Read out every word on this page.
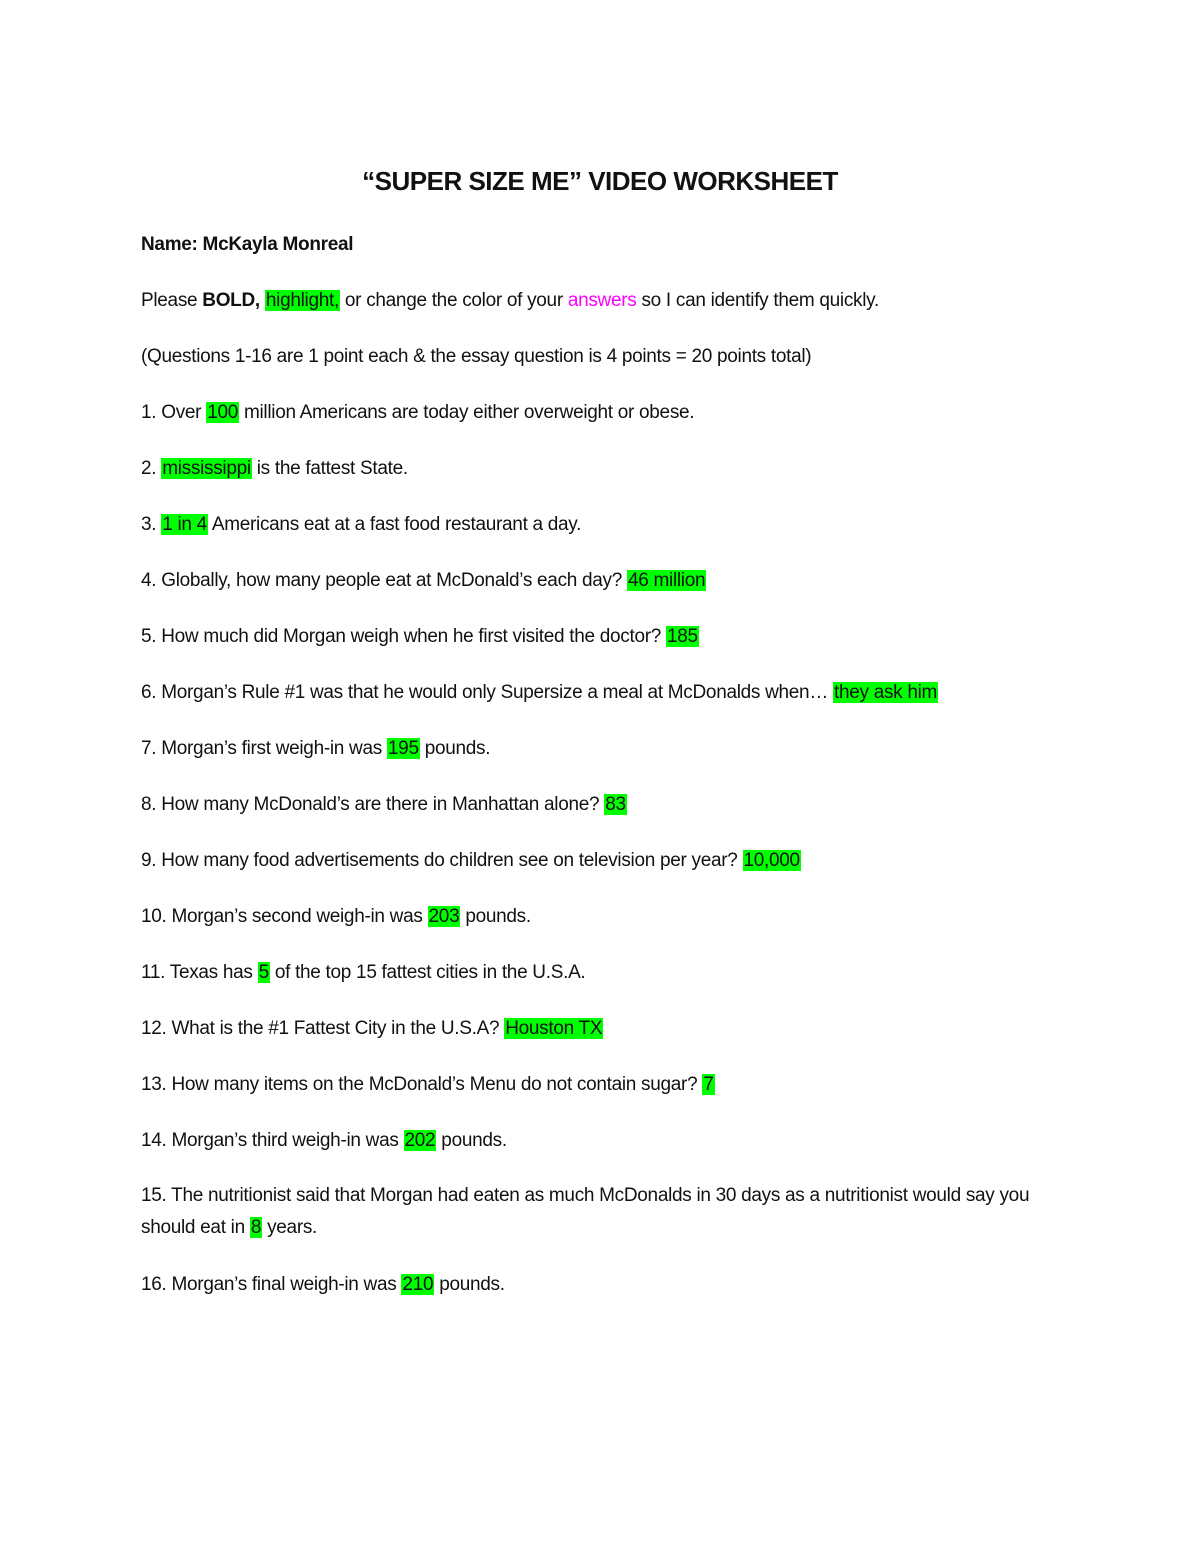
“SUPER SIZE ME” VIDEO WORKSHEET
Name: McKayla Monreal
Please BOLD, highlight, or change the color of your answers so I can identify them quickly.
(Questions 1-16 are 1 point each & the essay question is 4 points = 20 points total)
1. Over 100 million Americans are today either overweight or obese.
2. mississippi is the fattest State.
3. 1 in 4 Americans eat at a fast food restaurant a day.
4. Globally, how many people eat at McDonald’s each day? 46 million
5. How much did Morgan weigh when he first visited the doctor? 185
6. Morgan’s Rule #1 was that he would only Supersize a meal at McDonalds when… they ask him
7. Morgan’s first weigh-in was 195 pounds.
8. How many McDonald’s are there in Manhattan alone? 83
9. How many food advertisements do children see on television per year? 10,000
10. Morgan’s second weigh-in was 203 pounds.
11. Texas has 5 of the top 15 fattest cities in the U.S.A.
12. What is the #1 Fattest City in the U.S.A? Houston TX
13. How many items on the McDonald’s Menu do not contain sugar? 7
14. Morgan’s third weigh-in was 202 pounds.
15. The nutritionist said that Morgan had eaten as much McDonalds in 30 days as a nutritionist would say you should eat in 8 years.
16. Morgan’s final weigh-in was 210 pounds.
